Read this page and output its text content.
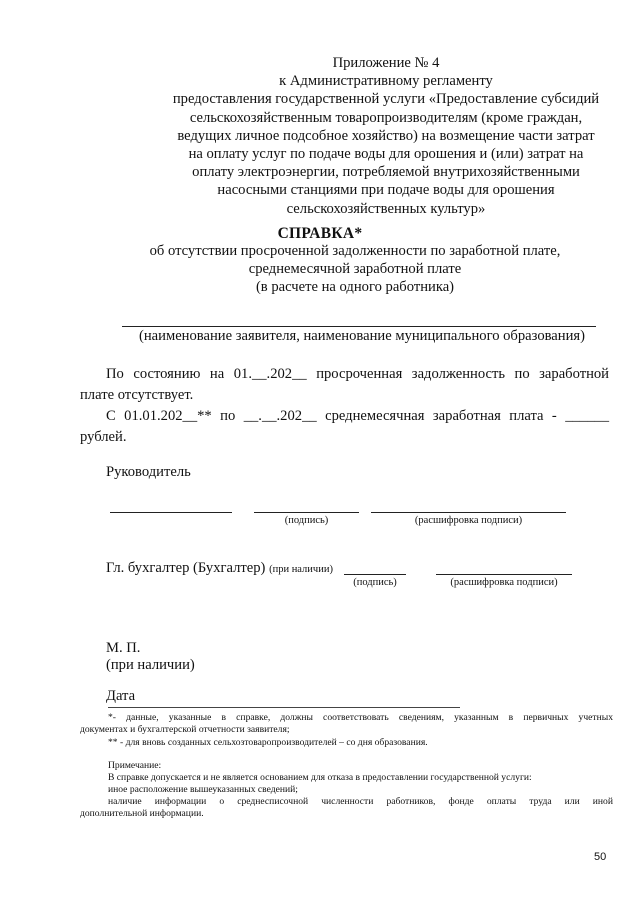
Приложение № 4
к Административному регламенту
предоставления государственной услуги «Предоставление субсидий
сельскохозяйственным товаропроизводителям (кроме граждан,
ведущих личное подсобное хозяйство) на возмещение части затрат
на оплату услуг по подаче воды для орошения и (или) затрат на
оплату электроэнергии, потребляемой внутрихозяйственными
насосными станциями при подаче воды для орошения
сельскохозяйственных культур»
СПРАВКА*
об отсутствии просроченной задолженности по заработной плате,
среднемесячной заработной плате
(в расчете на одного работника)
(наименование заявителя, наименование муниципального образования)
По состоянию на 01.__.202__ просроченная задолженность по заработной
плате отсутствует.
С 01.01.202__** по __.__.202__ среднемесячная заработная плата - ______
рублей.
Руководитель
(подпись)	(расшифровка подписи)
Гл. бухгалтер (Бухгалтер) (при наличии)
(подпись)	(расшифровка подписи)
М. П.
(при наличии)
Дата
*- данные, указанные в справке, должны соответствовать сведениям, указанным в первичных учетных
документах и бухгалтерской отчетности заявителя;
** - для вновь созданных сельхозтоваропроизводителей – со дня образования.
Примечание:
В справке допускается и не является основанием для отказа в предоставлении государственной услуги:
иное расположение вышеуказанных сведений;
наличие информации о среднесписочной численности работников, фонде оплаты труда или иной
дополнительной информации.
50
